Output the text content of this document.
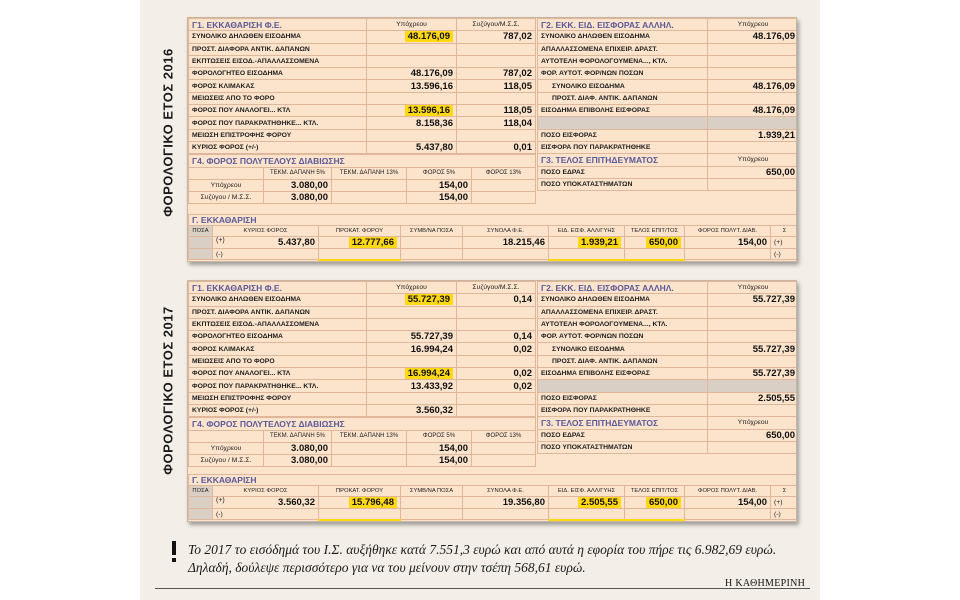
ΦΟΡΟΛΟΓΙΚΟ ΕΤΟΣ 2016
Γ1. ΕΚΚΑΘΑΡΙΣΗ Φ.Ε.	Υπόχρεου	Συζύγου/Μ.Σ.Σ.
ΣΥΝΟΛΙΚΟ ΔΗΛΩΘΕΝ ΕΙΣΟΔΗΜΑ	48.176,09	787,02
ΠΡΟΣΤ. ΔΙΑΦΟΡΑ ΑΝΤΙΚ. ΔΑΠΑΝΩΝ		
ΕΚΠΤΩΣΕΙΣ ΕΙΣΟΔ.-ΑΠΑΛΛΑΣΣΟΜΕΝΑ		
ΦΟΡΟΛΟΓΗΤΕΟ ΕΙΣΟΔΗΜΑ	48.176,09	787,02
ΦΟΡΟΣ ΚΛΙΜΑΚΑΣ	13.596,16	118,05
ΜΕΙΩΣΕΙΣ ΑΠΟ ΤΟ ΦΟΡΟ		
ΦΟΡΟΣ ΠΟΥ ΑΝΑΛΟΓΕΙ... ΚΤΛ	13.596,16	118,05
ΦΟΡΟΣ ΠΟΥ ΠΑΡΑΚΡΑΤΗΘΗΚΕ... ΚΤΛ.	8.158,36	118,04
ΜΕΙΩΣΗ ΕΠΙΣΤΡΟΦΗΣ ΦΟΡΟΥ		
ΚΥΡΙΟΣ ΦΟΡΟΣ (+/-)	5.437,80	0,01
Γ4. ΦΟΡΟΣ ΠΟΛΥΤΕΛΟΥΣ ΔΙΑΒΙΩΣΗΣ				
	ΤΕΚΜ. ΔΑΠΑΝΗ 5%	ΤΕΚΜ. ΔΑΠΑΝΗ 13%	ΦΟΡΟΣ 5%	ΦΟΡΟΣ 13%
Υπόχρεου	3.080,00		154,00	
Συζύγου / Μ.Σ.Σ.	3.080,00		154,00	
Γ2. ΕΚΚ. ΕΙΔ. ΕΙΣΦΟΡΑΣ ΑΛΛΗΛ.	Υπόχρεου
ΣΥΝΟΛΙΚΟ ΔΗΛΩΘΕΝ ΕΙΣΟΔΗΜΑ	48.176,09
ΑΠΑΛΛΑΣΣΟΜΕΝΑ ΕΠΙΧΕΙΡ. ΔΡΑΣΤ.	
ΑΥΤΟΤΕΛΗ ΦΟΡΟΛΟΓΟΥΜΕΝΑ..., ΚΤΛ.	
ΦΟΡ. ΑΥΤΟΤ. ΦΟΡ/ΝΩΝ ΠΟΣΩΝ	
ΣΥΝΟΛΙΚΟ ΕΙΣΟΔΗΜΑ	48.176,09
ΠΡΟΣΤ. ΔΙΑΦ. ΑΝΤΙΚ. ΔΑΠΑΝΩΝ	
ΕΙΣΟΔΗΜΑ ΕΠΙΒΟΛΗΣ ΕΙΣΦΟΡΑΣ	48.176,09

ΠΟΣΟ ΕΙΣΦΟΡΑΣ	1.939,21
ΕΙΣΦΟΡΑ ΠΟΥ ΠΑΡΑΚΡΑΤΗΘΗΚΕ	
Γ3. ΤΕΛΟΣ ΕΠΙΤΗΔΕΥΜΑΤΟΣ	Υπόχρεου
ΠΟΣΟ ΕΔΡΑΣ	650,00
ΠΟΣΟ ΥΠΟΚΑΤΑΣΤΗΜΑΤΩΝ	
Γ. ΕΚΚΑΘΑΡΙΣΗ								
ΠΟΣΑ	ΚΥΡΙΟΣ ΦΟΡΟΣ	ΠΡΟΚΑΤ. ΦΟΡΟΥ	ΣΥΜΒ/ΝΑ ΠΟΣΑ	ΣΥΝΟΛΑ Φ.Ε.	ΕΙΔ. ΕΙΣΦ. ΑΛΛ/ΓΥΗΣ	ΤΕΛΟΣ ΕΠΙΤ/ΤΟΣ	ΦΟΡΟΣ ΠΟΛΥΤ. ΔΙΑΒ.	Σ
	(+) 5.437,80	12.777,66		18.215,46	1.939,21	650,00	154,00	(+)
	(-)							(-)
ΦΟΡΟΛΟΓΙΚΟ ΕΤΟΣ 2017
Γ1. ΕΚΚΑΘΑΡΙΣΗ Φ.Ε.	Υπόχρεου	Συζύγου/Μ.Σ.Σ.
ΣΥΝΟΛΙΚΟ ΔΗΛΩΘΕΝ ΕΙΣΟΔΗΜΑ	55.727,39	0,14
ΠΡΟΣΤ. ΔΙΑΦΟΡΑ ΑΝΤΙΚ. ΔΑΠΑΝΩΝ		
ΕΚΠΤΩΣΕΙΣ ΕΙΣΟΔ.-ΑΠΑΛΛΑΣΣΟΜΕΝΑ		
ΦΟΡΟΛΟΓΗΤΕΟ ΕΙΣΟΔΗΜΑ	55.727,39	0,14
ΦΟΡΟΣ ΚΛΙΜΑΚΑΣ	16.994,24	0,02
ΜΕΙΩΣΕΙΣ ΑΠΟ ΤΟ ΦΟΡΟ		
ΦΟΡΟΣ ΠΟΥ ΑΝΑΛΟΓΕΙ... ΚΤΛ	16.994,24	0,02
ΦΟΡΟΣ ΠΟΥ ΠΑΡΑΚΡΑΤΗΘΗΚΕ... ΚΤΛ.	13.433,92	0,02
ΜΕΙΩΣΗ ΕΠΙΣΤΡΟΦΗΣ ΦΟΡΟΥ		
ΚΥΡΙΟΣ ΦΟΡΟΣ (+/-)	3.560,32	
Γ4. ΦΟΡΟΣ ΠΟΛΥΤΕΛΟΥΣ ΔΙΑΒΙΩΣΗΣ				
	ΤΕΚΜ. ΔΑΠΑΝΗ 5%	ΤΕΚΜ. ΔΑΠΑΝΗ 13%	ΦΟΡΟΣ 5%	ΦΟΡΟΣ 13%
Υπόχρεου	3.080,00		154,00	
Συζύγου / Μ.Σ.Σ.	3.080,00		154,00	
Γ2. ΕΚΚ. ΕΙΔ. ΕΙΣΦΟΡΑΣ ΑΛΛΗΛ.	Υπόχρεου
ΣΥΝΟΛΙΚΟ ΔΗΛΩΘΕΝ ΕΙΣΟΔΗΜΑ	55.727,39
ΑΠΑΛΛΑΣΣΟΜΕΝΑ ΕΠΙΧΕΙΡ. ΔΡΑΣΤ.	
ΑΥΤΟΤΕΛΗ ΦΟΡΟΛΟΓΟΥΜΕΝΑ..., ΚΤΛ.	
ΦΟΡ. ΑΥΤΟΤ. ΦΟΡ/ΝΩΝ ΠΟΣΩΝ	
ΣΥΝΟΛΙΚΟ ΕΙΣΟΔΗΜΑ	55.727,39
ΠΡΟΣΤ. ΔΙΑΦ. ΑΝΤΙΚ. ΔΑΠΑΝΩΝ	
ΕΙΣΟΔΗΜΑ ΕΠΙΒΟΛΗΣ ΕΙΣΦΟΡΑΣ	55.727,39

ΠΟΣΟ ΕΙΣΦΟΡΑΣ	2.505,55
ΕΙΣΦΟΡΑ ΠΟΥ ΠΑΡΑΚΡΑΤΗΘΗΚΕ	
Γ3. ΤΕΛΟΣ ΕΠΙΤΗΔΕΥΜΑΤΟΣ	Υπόχρεου
ΠΟΣΟ ΕΔΡΑΣ	650,00
ΠΟΣΟ ΥΠΟΚΑΤΑΣΤΗΜΑΤΩΝ	
Γ. ΕΚΚΑΘΑΡΙΣΗ								
ΠΟΣΑ	ΚΥΡΙΟΣ ΦΟΡΟΣ	ΠΡΟΚΑΤ. ΦΟΡΟΥ	ΣΥΜΒ/ΝΑ ΠΟΣΑ	ΣΥΝΟΛΑ Φ.Ε.	ΕΙΔ. ΕΙΣΦ. ΑΛΛ/ΓΥΗΣ	ΤΕΛΟΣ ΕΠΙΤ/ΤΟΣ	ΦΟΡΟΣ ΠΟΛΥΤ. ΔΙΑΒ.	Σ
	(+) 3.560,32	15.796,48		19.356,80	2.505,55	650,00	154,00	(+)
	(-)							(-)
Το 2017 το εισόδημά του Ι.Σ. αυξήθηκε κατά 7.551,3 ευρώ και από αυτά η εφορία του πήρε τις 6.982,69 ευρώ. Δηλαδή, δούλεψε περισσότερο για να του μείνουν στην τσέπη 568,61 ευρώ.
Η ΚΑΘΗΜΕΡΙΝΗ
